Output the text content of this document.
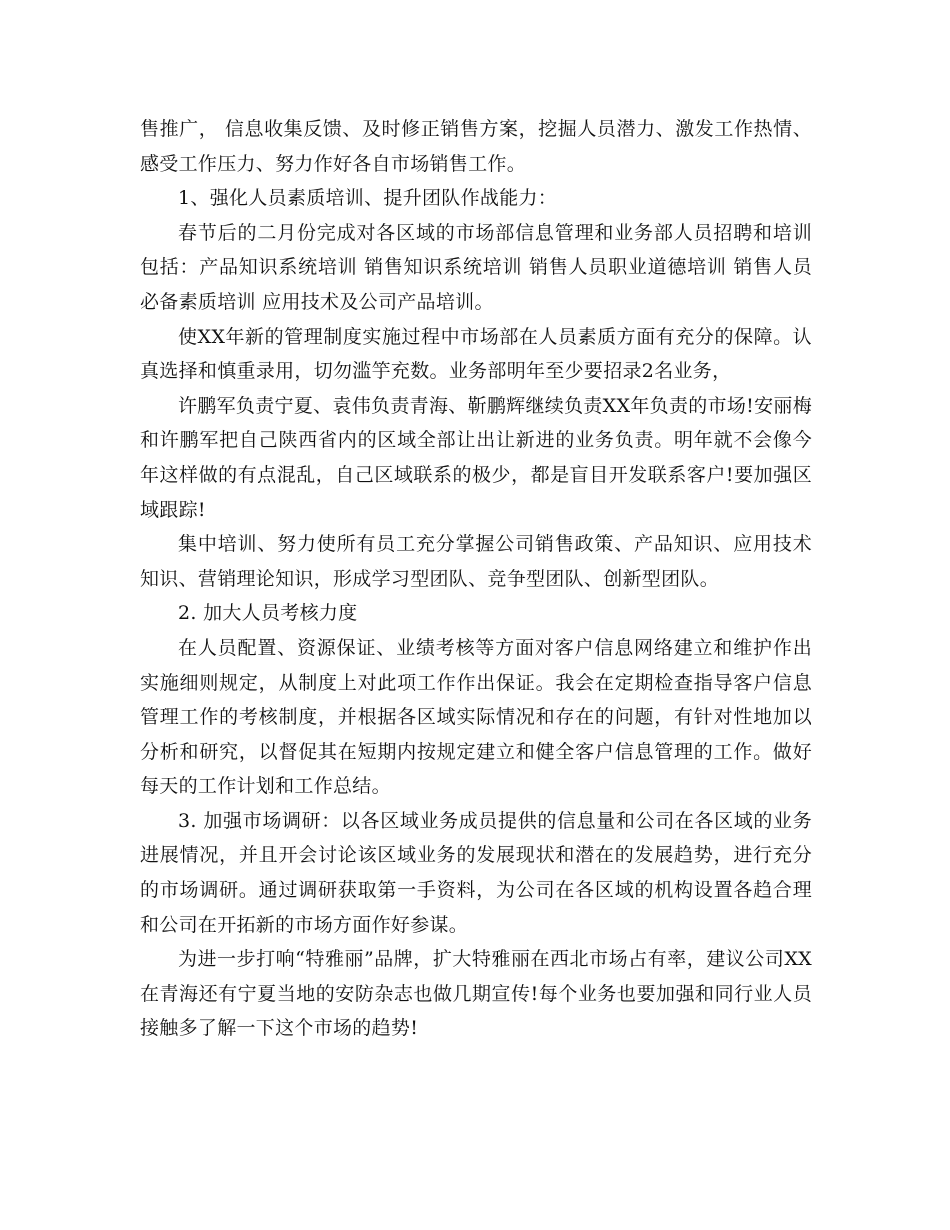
售推广， 信息收集反馈、及时修正销售方案，挖掘人员潜力、激发工作热情、感受工作压力、努力作好各自市场销售工作。

1、强化人员素质培训、提升团队作战能力：

春节后的二月份完成对各区域的市场部信息管理和业务部人员招聘和培训包括：产品知识系统培训 销售知识系统培训 销售人员职业道德培训 销售人员必备素质培训 应用技术及公司产品培训。

使XX年新的管理制度实施过程中市场部在人员素质方面有充分的保障。认真选择和慎重录用，切勿滥竽充数。业务部明年至少要招录2名业务，

许鹏军负责宁夏、袁伟负责青海、靳鹏辉继续负责XX年负责的市场!安丽梅和许鹏军把自己陕西省内的区域全部让出让新进的业务负责。明年就不会像今年这样做的有点混乱，自己区域联系的极少，都是盲目开发联系客户!要加强区域跟踪!

集中培训、努力使所有员工充分掌握公司销售政策、产品知识、应用技术知识、营销理论知识，形成学习型团队、竞争型团队、创新型团队。

2. 加大人员考核力度

在人员配置、资源保证、业绩考核等方面对客户信息网络建立和维护作出实施细则规定，从制度上对此项工作作出保证。我会在定期检查指导客户信息管理工作的考核制度，并根据各区域实际情况和存在的问题，有针对性地加以分析和研究，以督促其在短期内按规定建立和健全客户信息管理的工作。做好每天的工作计划和工作总结。

3. 加强市场调研：以各区域业务成员提供的信息量和公司在各区域的业务进展情况，并且开会讨论该区域业务的发展现状和潜在的发展趋势，进行充分的市场调研。通过调研获取第一手资料，为公司在各区域的机构设置各趋合理和公司在开拓新的市场方面作好参谋。

为进一步打响“特雅丽”品牌，扩大特雅丽在西北市场占有率，建议公司XX在青海还有宁夏当地的安防杂志也做几期宣传!每个业务也要加强和同行业人员接触多了解一下这个市场的趋势!
